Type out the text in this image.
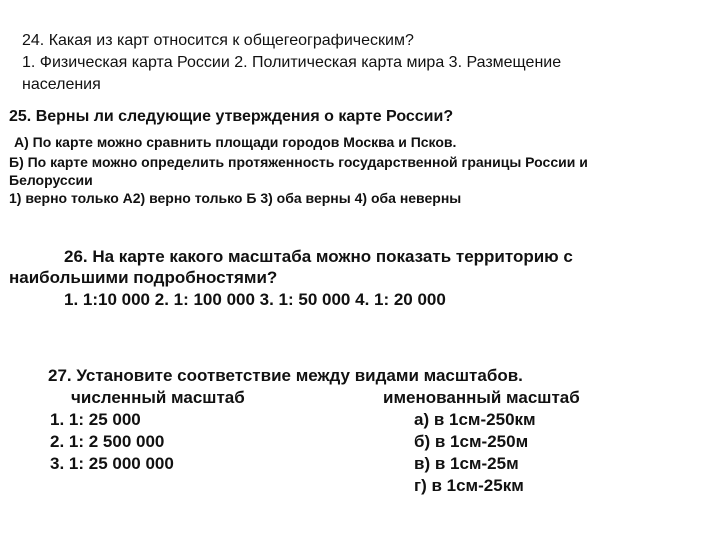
24. Какая из карт относится к общегеографическим?
1. Физическая карта России 2. Политическая карта мира 3. Размещение
населения
25. Верны ли следующие утверждения о карте России?
А) По карте можно сравнить площади городов Москва и Псков.
Б) По карте можно определить протяженность государственной границы России и
Белоруссии
1) верно только А2) верно только Б 3) оба верны 4) оба неверны
26. На карте какого масштаба можно показать территорию с
наибольшими подробностями?
1. 1:10 000 2. 1: 100 000 3. 1: 50 000 4. 1: 20 000
27. Установите соответствие между видами масштабов.
численный масштаб	именованный масштаб
1. 1: 25 000
2. 1: 2 500 000
3. 1: 25 000 000
а) в 1см-250км
б) в 1см-250м
в) в 1см-25м
г) в 1см-25км
